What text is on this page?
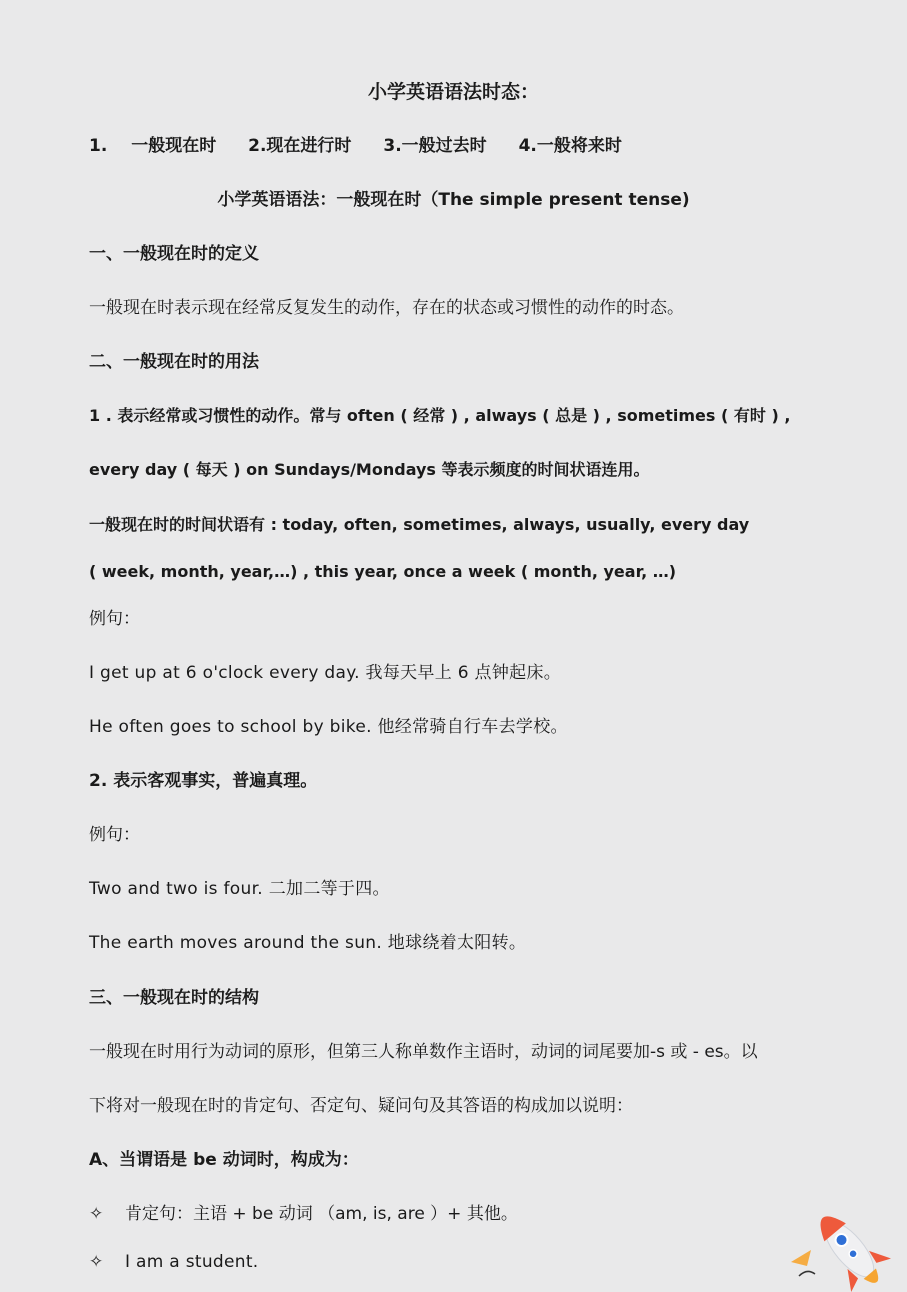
小学英语语法时态：
1. 一般现在时 2.现在进行时 3.一般过去时 4.一般将来时
小学英语语法：一般现在时（The simple present tense)
一、一般现在时的定义
一般现在时表示现在经常反复发生的动作，存在的状态或习惯性的动作的时态。
二、一般现在时的用法
1 . 表示经常或习惯性的动作。常与 often ( 经常 ) , always ( 总是 ) , sometimes ( 有时 ) ,
every day ( 每天 ) on Sundays/Mondays 等表示频度的时间状语连用。
一般现在时的时间状语有 : today, often, sometimes, always, usually, every day
( week, month, year,…) , this year, once a week ( month, year, …)
例句：
I get up at 6 o'clock every day. 我每天早上 6 点钟起床。
He often goes to school by bike. 他经常骑自行车去学校。
2. 表示客观事实，普遍真理。
例句：
Two and two is four. 二加二等于四。
The earth moves around the sun. 地球绕着太阳转。
三、一般现在时的结构
一般现在时用行为动词的原形，但第三人称单数作主语时，动词的词尾要加-s 或 - es。以
下将对一般现在时的肯定句、否定句、疑问句及其答语的构成加以说明：
A、当谓语是 be 动词时，构成为：
✧ 肯定句：主语 + be 动词 （am, is, are ）+ 其他。
✧ I am a student.
